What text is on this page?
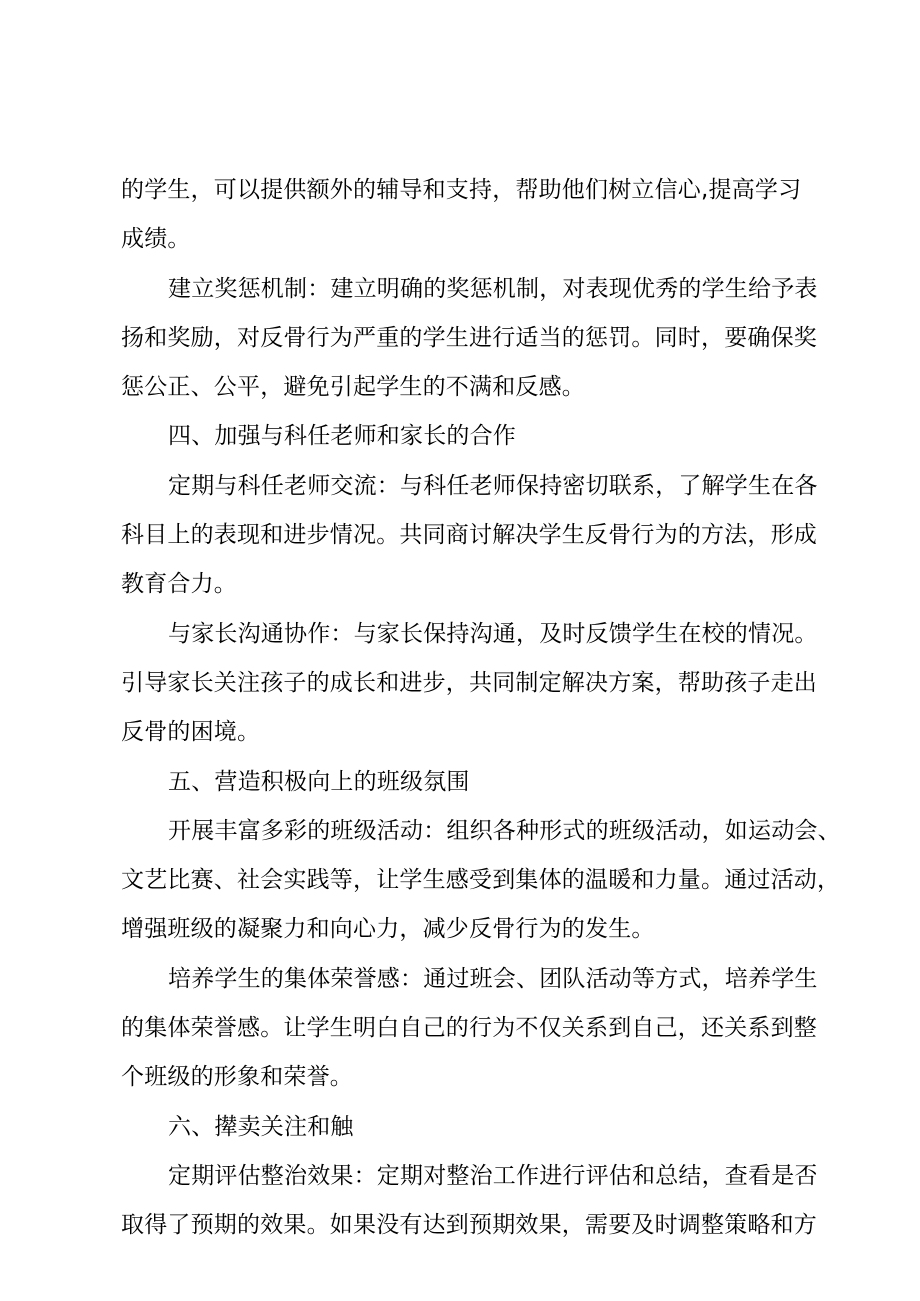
的学生，可以提供额外的辅导和支持，帮助他们树立信心,提高学习
成绩。
建立奖惩机制：建立明确的奖惩机制，对表现优秀的学生给予表
扬和奖励，对反骨行为严重的学生进行适当的惩罚。同时，要确保奖
惩公正、公平，避免引起学生的不满和反感。
四、加强与科任老师和家长的合作
定期与科任老师交流：与科任老师保持密切联系，了解学生在各
科目上的表现和进步情况。共同商讨解决学生反骨行为的方法，形成
教育合力。
与家长沟通协作：与家长保持沟通，及时反馈学生在校的情况。
引导家长关注孩子的成长和进步，共同制定解决方案，帮助孩子走出
反骨的困境。
五、营造积极向上的班级氛围
开展丰富多彩的班级活动：组织各种形式的班级活动，如运动会、
文艺比赛、社会实践等，让学生感受到集体的温暖和力量。通过活动，
增强班级的凝聚力和向心力，减少反骨行为的发生。
培养学生的集体荣誉感：通过班会、团队活动等方式，培养学生
的集体荣誉感。让学生明白自己的行为不仅关系到自己，还关系到整
个班级的形象和荣誉。
六、撵卖关注和触
定期评估整治效果：定期对整治工作进行评估和总结，查看是否
取得了预期的效果。如果没有达到预期效果，需要及时调整策略和方
